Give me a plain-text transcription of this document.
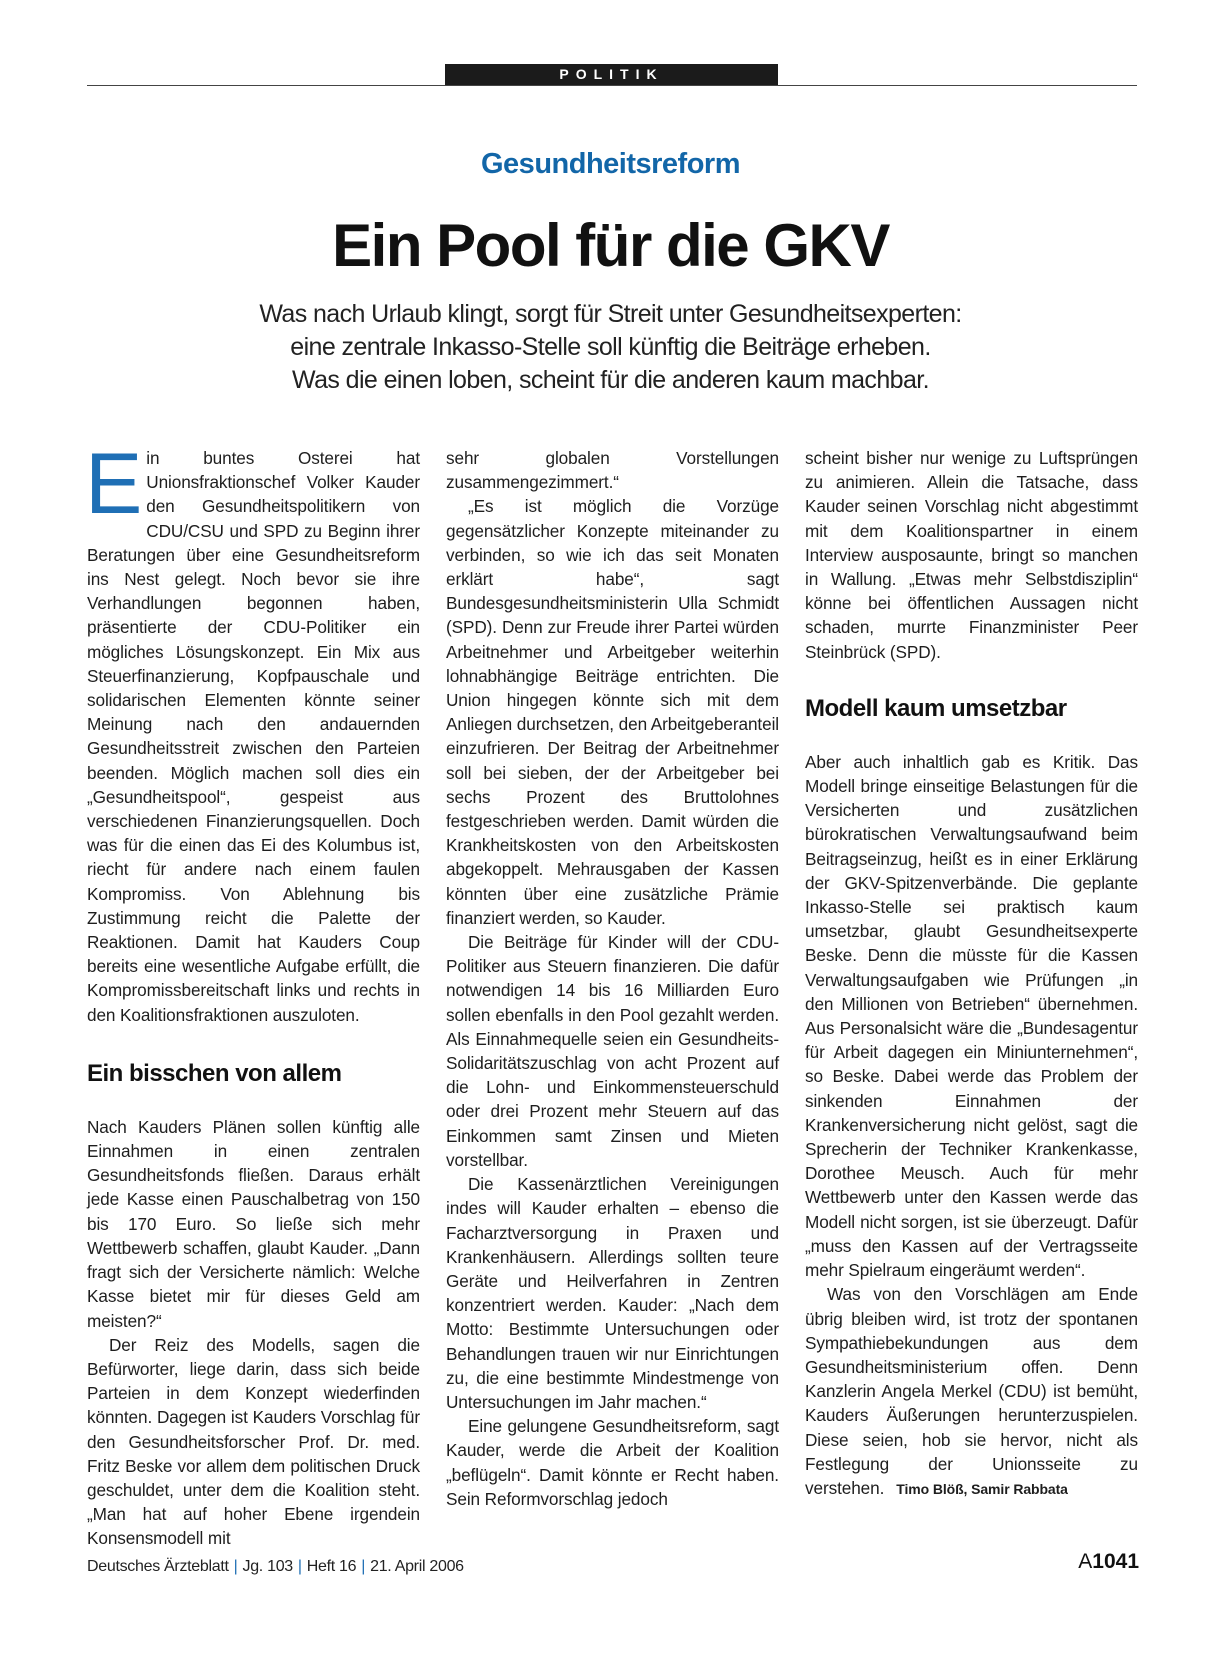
POLITIK
Gesundheitsreform
Ein Pool für die GKV
Was nach Urlaub klingt, sorgt für Streit unter Gesundheitsexperten:
eine zentrale Inkasso-Stelle soll künftig die Beiträge erheben.
Was die einen loben, scheint für die anderen kaum machbar.

Ein buntes Osterei hat Unionsfraktionschef Volker Kauder den Gesundheitspolitikern von CDU/CSU und SPD zu Beginn ihrer Beratungen über eine Gesundheitsreform ins Nest gelegt. Noch bevor sie ihre Verhandlungen begonnen haben, präsentierte der CDU-Politiker ein mögliches Lösungskonzept. Ein Mix aus Steuerfinanzierung, Kopfpauschale und solidarischen Elementen könnte seiner Meinung nach den andauernden Gesundheitsstreit zwischen den Parteien beenden. Möglich machen soll dies ein „Gesundheitspool“, gespeist aus verschiedenen Finanzierungsquellen. Doch was für die einen das Ei des Kolumbus ist, riecht für andere nach einem faulen Kompromiss. Von Ablehnung bis Zustimmung reicht die Palette der Reaktionen. Damit hat Kauders Coup bereits eine wesentliche Aufgabe erfüllt, die Kompromissbereitschaft links und rechts in den Koalitionsfraktionen auszuloten.

Ein bisschen von allem

Nach Kauders Plänen sollen künftig alle Einnahmen in einen zentralen Gesundheitsfonds fließen. Daraus erhält jede Kasse einen Pauschalbetrag von 150 bis 170 Euro. So ließe sich mehr Wettbewerb schaffen, glaubt Kauder. „Dann fragt sich der Versicherte nämlich: Welche Kasse bietet mir für dieses Geld am meisten?“

Der Reiz des Modells, sagen die Befürworter, liege darin, dass sich beide Parteien in dem Konzept wiederfinden könnten. Dagegen ist Kauders Vorschlag für den Gesundheitsforscher Prof. Dr. med. Fritz Beske vor allem dem politischen Druck geschuldet, unter dem die Koalition steht. „Man hat auf hoher Ebene irgendein Konsensmodell mit

sehr globalen Vorstellungen zusammengezimmert.“

„Es ist möglich die Vorzüge gegensätzlicher Konzepte miteinander zu verbinden, so wie ich das seit Monaten erklärt habe“, sagt Bundesgesundheitsministerin Ulla Schmidt (SPD). Denn zur Freude ihrer Partei würden Arbeitnehmer und Arbeitgeber weiterhin lohnabhängige Beiträge entrichten. Die Union hingegen könnte sich mit dem Anliegen durchsetzen, den Arbeitgeberanteil einzufrieren. Der Beitrag der Arbeitnehmer soll bei sieben, der der Arbeitgeber bei sechs Prozent des Bruttolohnes festgeschrieben werden. Damit würden die Krankheitskosten von den Arbeitskosten abgekoppelt. Mehrausgaben der Kassen könnten über eine zusätzliche Prämie finanziert werden, so Kauder.

Die Beiträge für Kinder will der CDU-Politiker aus Steuern finanzieren. Die dafür notwendigen 14 bis 16 Milliarden Euro sollen ebenfalls in den Pool gezahlt werden. Als Einnahmequelle seien ein Gesundheits-Solidaritätszuschlag von acht Prozent auf die Lohn- und Einkommensteuerschuld oder drei Prozent mehr Steuern auf das Einkommen samt Zinsen und Mieten vorstellbar.

Die Kassenärztlichen Vereinigungen indes will Kauder erhalten – ebenso die Facharztversorgung in Praxen und Krankenhäusern. Allerdings sollten teure Geräte und Heilverfahren in Zentren konzentriert werden. Kauder: „Nach dem Motto: Bestimmte Untersuchungen oder Behandlungen trauen wir nur Einrichtungen zu, die eine bestimmte Mindestmenge von Untersuchungen im Jahr machen.“

Eine gelungene Gesundheitsreform, sagt Kauder, werde die Arbeit der Koalition „beflügeln“. Damit könnte er Recht haben. Sein Reformvorschlag jedoch

scheint bisher nur wenige zu Luftsprüngen zu animieren. Allein die Tatsache, dass Kauder seinen Vorschlag nicht abgestimmt mit dem Koalitionspartner in einem Interview ausposaunte, bringt so manchen in Wallung. „Etwas mehr Selbstdisziplin“ könne bei öffentlichen Aussagen nicht schaden, murrte Finanzminister Peer Steinbrück (SPD).

Modell kaum umsetzbar

Aber auch inhaltlich gab es Kritik. Das Modell bringe einseitige Belastungen für die Versicherten und zusätzlichen bürokratischen Verwaltungsaufwand beim Beitragseinzug, heißt es in einer Erklärung der GKV-Spitzenverbände. Die geplante Inkasso-Stelle sei praktisch kaum umsetzbar, glaubt Gesundheitsexperte Beske. Denn die müsste für die Kassen Verwaltungsaufgaben wie Prüfungen „in den Millionen von Betrieben“ übernehmen. Aus Personalsicht wäre die „Bundesagentur für Arbeit dagegen ein Miniunternehmen“, so Beske. Dabei werde das Problem der sinkenden Einnahmen der Krankenversicherung nicht gelöst, sagt die Sprecherin der Techniker Krankenkasse, Dorothee Meusch. Auch für mehr Wettbewerb unter den Kassen werde das Modell nicht sorgen, ist sie überzeugt. Dafür „muss den Kassen auf der Vertragsseite mehr Spielraum eingeräumt werden“.

Was von den Vorschlägen am Ende übrig bleiben wird, ist trotz der spontanen Sympathiebekundungen aus dem Gesundheitsministerium offen. Denn Kanzlerin Angela Merkel (CDU) ist bemüht, Kauders Äußerungen herunterzuspielen. Diese seien, hob sie hervor, nicht als Festlegung der Unionsseite zu verstehen. Timo Blöß, Samir Rabbata

Deutsches Ärzteblatt | Jg. 103 | Heft 16 | 21. April 2006	A1041
